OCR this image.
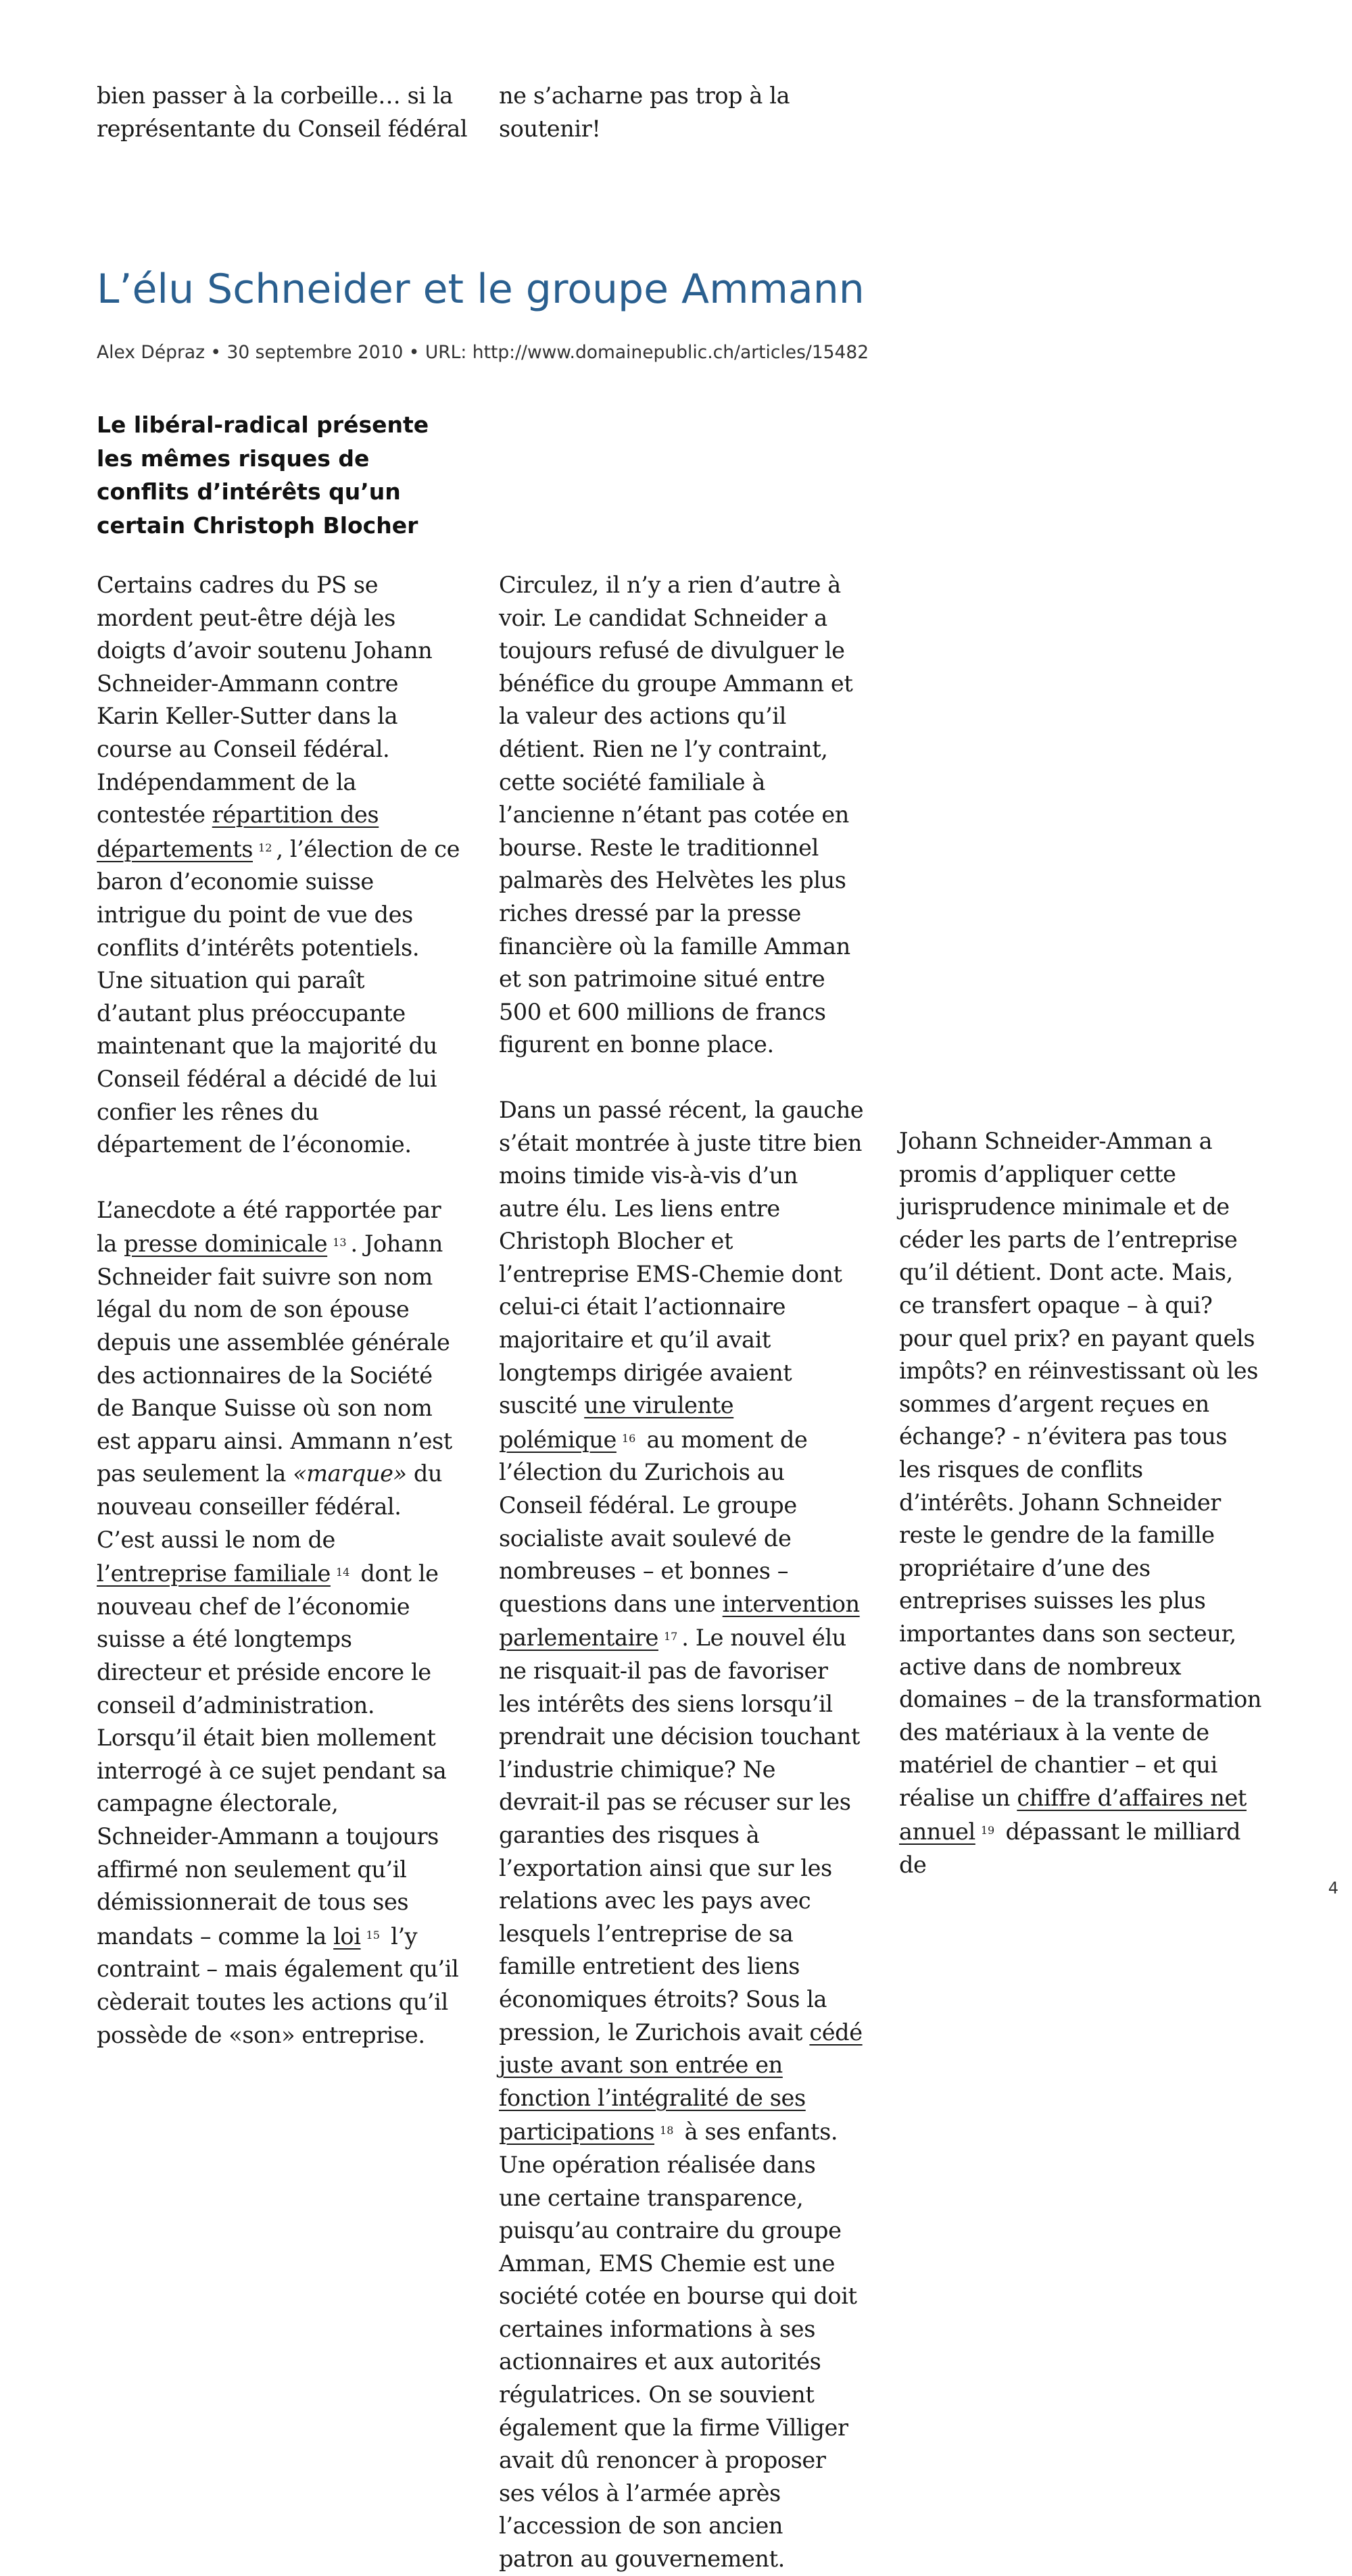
bien passer à la corbeille… si la
représentante du Conseil fédéral
ne s’acharne pas trop à la
soutenir!
L’élu Schneider et le groupe Ammann
Alex Dépraz • 30 septembre 2010 • URL: http://www.domainepublic.ch/articles/15482

Le libéral-radical présente les mêmes risques de conflits d’intérêts qu’un certain Christoph Blocher

Certains cadres du PS se mordent peut-être déjà les doigts d’avoir soutenu Johann Schneider-Ammann contre Karin Keller-Sutter dans la course au Conseil fédéral. Indépendamment de la contestée répartition des départements $^{12}$ , l’élection de ce baron d’economie suisse intrigue du point de vue des conflits d’intérêts potentiels. Une situation qui paraît d’autant plus préoccupante maintenant que la majorité du Conseil fédéral a décidé de lui confier les rênes du département de l’économie.

L’anecdote a été rapportée par la presse dominicale $^{13}$ . Johann Schneider fait suivre son nom légal du nom de son épouse depuis une assemblée générale des actionnaires de la Société de Banque Suisse où son nom est apparu ainsi. Ammann n’est pas seulement la «marque» du nouveau conseiller fédéral. C’est aussi le nom de l’entreprise familiale $^{14}$ dont le nouveau chef de l’économie suisse a été longtemps directeur et préside encore le conseil d’administration. Lorsqu’il était bien mollement interrogé à ce sujet pendant sa campagne électorale, Schneider-Ammann a toujours affirmé non seulement qu’il démissionnerait de tous ses mandats – comme la loi $^{15}$ l’y contraint – mais également qu’il cèderait toutes les actions qu’il possède de «son» entreprise.

Circulez, il n’y a rien d’autre à voir. Le candidat Schneider a toujours refusé de divulguer le bénéfice du groupe Ammann et la valeur des actions qu’il détient. Rien ne l’y contraint, cette société familiale à l’ancienne n’étant pas cotée en bourse. Reste le traditionnel palmarès des Helvètes les plus riches dressé par la presse financière où la famille Amman et son patrimoine situé entre 500 et 600 millions de francs figurent en bonne place.

Dans un passé récent, la gauche s’était montrée à juste titre bien moins timide vis-à-vis d’un autre élu. Les liens entre Christoph Blocher et l’entreprise EMS-Chemie dont celui-ci était l’actionnaire majoritaire et qu’il avait longtemps dirigée avaient suscité une virulente polémique $^{16}$ au moment de l’élection du Zurichois au Conseil fédéral. Le groupe socialiste avait soulevé de nombreuses – et bonnes – questions dans une intervention parlementaire $^{17}$ . Le nouvel élu ne risquait-il pas de favoriser les intérêts des siens lorsqu’il prendrait une décision touchant l’industrie chimique? Ne devrait-il pas se récuser sur les garanties des risques à l’exportation ainsi que sur les relations avec les pays avec lesquels l’entreprise de sa famille entretient des liens économiques étroits? Sous la pression, le Zurichois avait cédé juste avant son entrée en fonction l’intégralité de ses participations $^{18}$ à ses enfants. Une opération réalisée dans une certaine transparence, puisqu’au contraire du groupe Amman, EMS Chemie est une société cotée en bourse qui doit certaines informations à ses actionnaires et aux autorités régulatrices. On se souvient également que la firme Villiger avait dû renoncer à proposer ses vélos à l’armée après l’accession de son ancien patron au gouvernement.

Johann Schneider-Amman a promis d’appliquer cette jurisprudence minimale et de céder les parts de l’entreprise qu’il détient. Dont acte. Mais, ce transfert opaque – à qui? pour quel prix? en payant quels impôts? en réinvestissant où les sommes d’argent reçues en échange? - n’évitera pas tous les risques de conflits d’intérêts. Johann Schneider reste le gendre de la famille propriétaire d’une des entreprises suisses les plus importantes dans son secteur, active dans de nombreux domaines – de la transformation des matériaux à la vente de matériel de chantier – et qui réalise un chiffre d’affaires net annuel $^{19}$ dépassant le milliard de

4
